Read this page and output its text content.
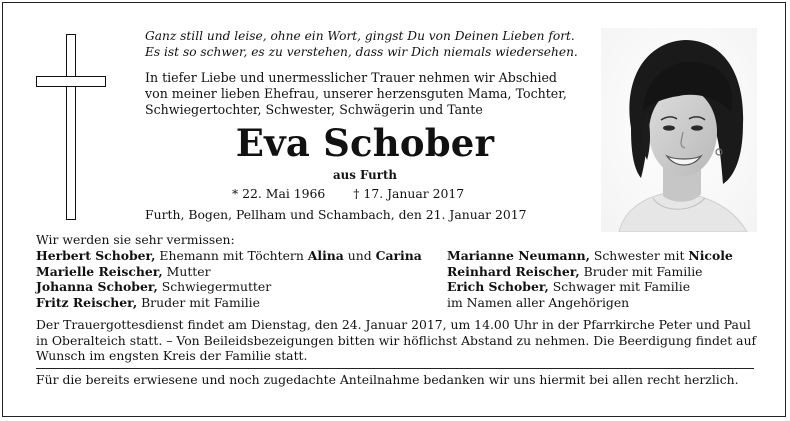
Ganz still und leise, ohne ein Wort, gingst Du von Deinen Lieben fort.
Es ist so schwer, es zu verstehen, dass wir Dich niemals wiedersehen.
In tiefer Liebe und unermesslicher Trauer nehmen wir Abschied
von meiner lieben Ehefrau, unserer herzensguten Mama, Tochter,
Schwiegertochter, Schwester, Schwägerin und Tante
Eva Schober
aus Furth
* 22. Mai 1966 † 17. Januar 2017
Furth, Bogen, Pellham und Schambach, den 21. Januar 2017
Wir werden sie sehr vermissen:
Herbert Schober, Ehemann mit Töchtern Alina und Carina
Marielle Reischer, Mutter
Johanna Schober, Schwiegermutter
Fritz Reischer, Bruder mit Familie
Marianne Neumann, Schwester mit Nicole
Reinhard Reischer, Bruder mit Familie
Erich Schober, Schwager mit Familie
im Namen aller Angehörigen
Der Trauergottesdienst findet am Dienstag, den 24. Januar 2017, um 14.00 Uhr in der Pfarrkirche Peter und Paul
in Oberalteich statt. – Von Beileidsbezeigungen bitten wir höflichst Abstand zu nehmen. Die Beerdigung findet auf
Wunsch im engsten Kreis der Familie statt.
Für die bereits erwiesene und noch zugedachte Anteilnahme bedanken wir uns hiermit bei allen recht herzlich.
